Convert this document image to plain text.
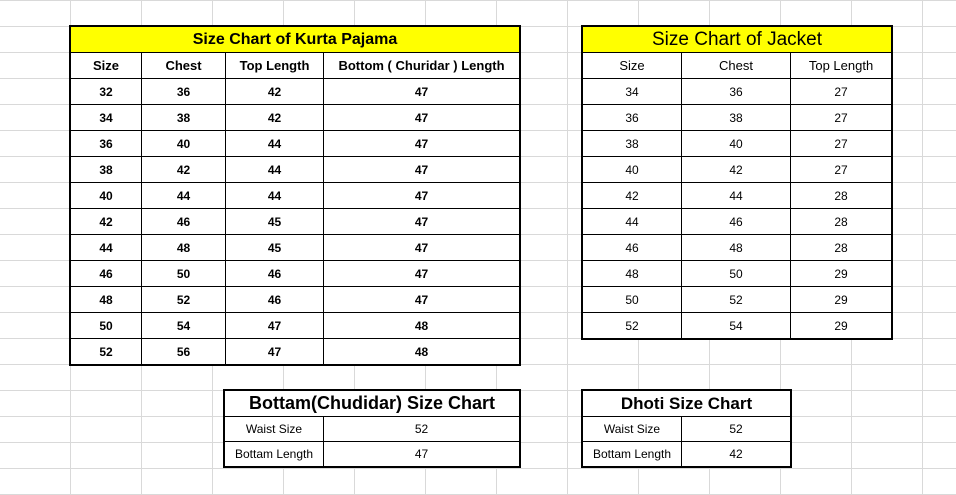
Size Chart of Kurta Pajama			
Size	Chest	Top Length	Bottom ( Churidar ) Length
32	36	42	47
34	38	42	47
36	40	44	47
38	42	44	47
40	44	44	47
42	46	45	47
44	48	45	47
46	50	46	47
48	52	46	47
50	54	47	48
52	56	47	48
Size Chart of Jacket		
Size	Chest	Top Length
34	36	27
36	38	27
38	40	27
40	42	27
42	44	28
44	46	28
46	48	28
48	50	29
50	52	29
52	54	29
Bottam(Chudidar) Size Chart	
Waist Size	52
Bottam Length	47
Dhoti Size Chart	
Waist Size	52
Bottam Length	42
